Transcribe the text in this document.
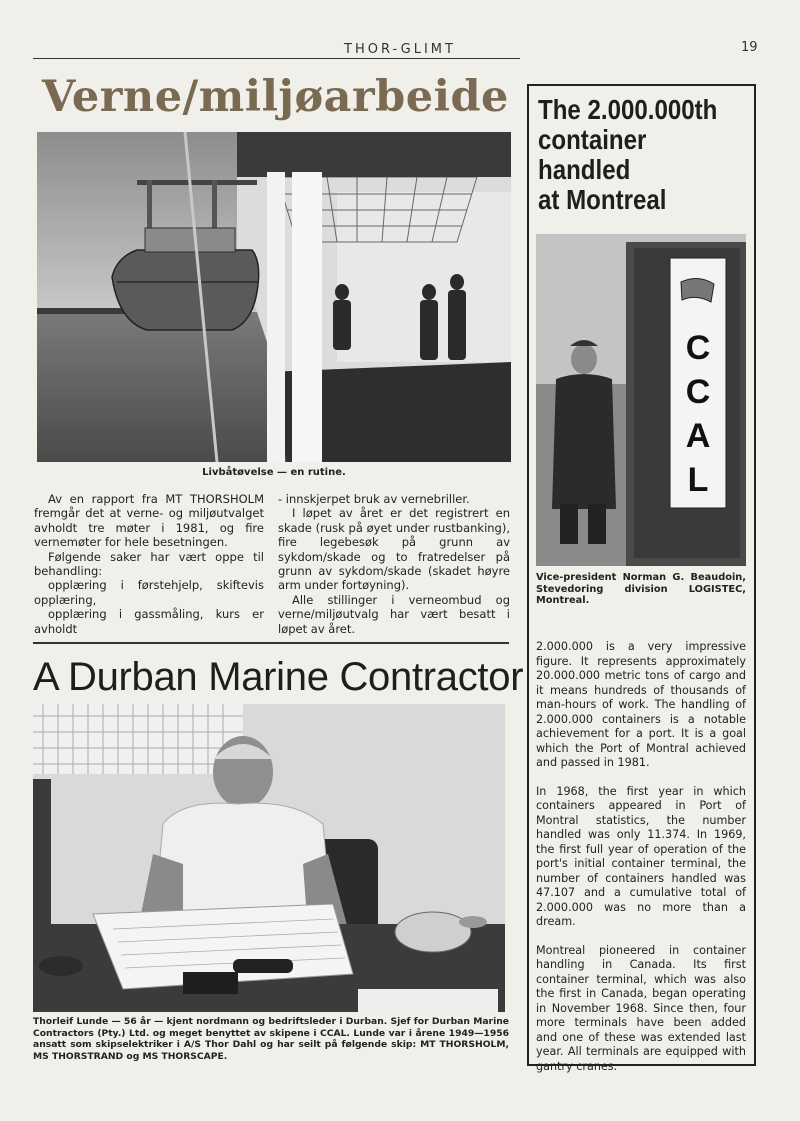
THOR-GLIMT	19
Verne/miljøarbeide
Livbåtøvelse — en rutine.

Av en rapport fra MT THORSHOLM fremgår det at verne- og miljøutvalget avholdt tre møter i 1981, og fire vernemøter for hele besetningen.

Følgende saker har vært oppe til behandling:

opplæring i førstehjelp, skiftevis opplæring,

opplæring i gassmåling, kurs er avholdt

- innskjerpet bruk av vernebriller.

I løpet av året er det registrert en skade (rusk på øyet under rustbanking), fire legebesøk på grunn av sykdom/skade og to fratredelser på grunn av sykdom/skade (skadet høyre arm under fortøyning).

Alle stillinger i verneombud og verne/miljøutvalg har vært besatt i løpet av året.

A Durban Marine Contractor
Thorleif Lunde — 56 år — kjent nordmann og bedriftsleder i Durban. Sjef for Durban Marine Contractors (Pty.) Ltd. og meget benyttet av skipene i CCAL. Lunde var i årene 1949—1956 ansatt som skipselektriker i A/S Thor Dahl og har seilt på følgende skip: MT THORSHOLM, MS THORSTRAND og MS THORSCAPE.
The 2.000.000th
container
handled
at Montreal
C
C
A
L
Vice-president Norman G. Beaudoin, Stevedoring division LOGISTEC, Montreal.

2.000.000 is a very impressive figure. It represents approximately 20.000.000 metric tons of cargo and it means hundreds of thousands of man-hours of work. The handling of 2.000.000 containers is a notable achievement for a port. It is a goal which the Port of Montral achieved and passed in 1981.

In 1968, the first year in which containers appeared in Port of Montral statistics, the number handled was only 11.374. In 1969, the first full year of operation of the port's initial container terminal, the number of containers handled was 47.107 and a cumulative total of 2.000.000 was no more than a dream.

Montreal pioneered in container handling in Canada. Its first container terminal, which was also the first in Canada, began operating in November 1968. Since then, four more terminals have been added and one of these was extended last year. All terminals are equipped with gantry cranes.
